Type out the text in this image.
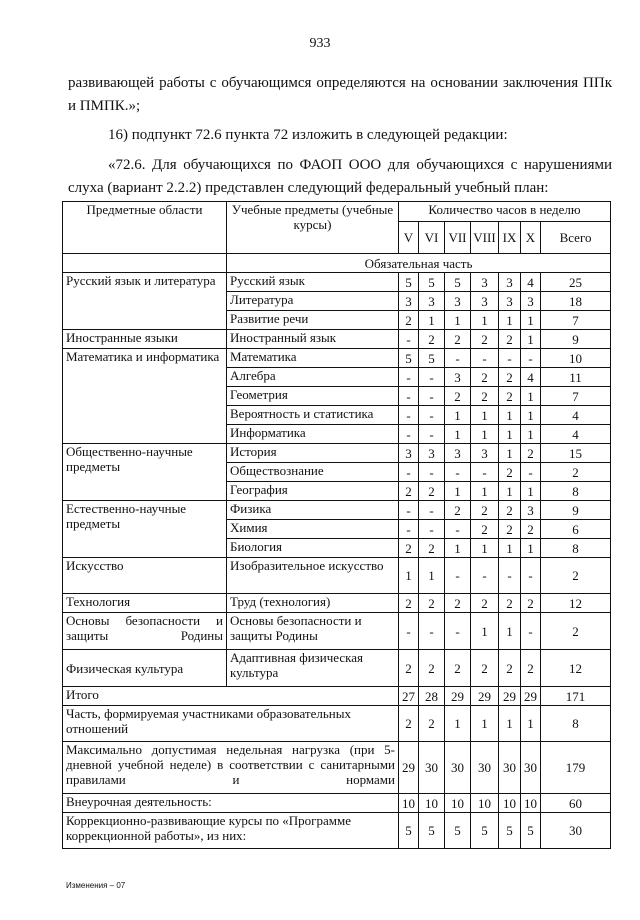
933

развивающей работы с обучающимся определяются на основании заключения ППк

и ПМПК.»;

16) подпункт 72.6 пункта 72 изложить в следующей редакции:

«72.6. Для обучающихся по ФАОП ООО для обучающихся с нарушениями

слуха (вариант 2.2.2) представлен следующий федеральный учебный план:

Предметные области	Учебные предметы (учебные курсы)	Количество часов в неделю						
		V	VI	VII	VIII	IX	X	Всего
	Обязательная часть							
Русский язык и литература	Русский язык	5	5	5	3	3	4	25
	Литература	3	3	3	3	3	3	18
	Развитие речи	2	1	1	1	1	1	7
Иностранные языки	Иностранный язык	-	2	2	2	2	1	9
Математика и информатика	Математика	5	5	-	-	-	-	10
	Алгебра	-	-	3	2	2	4	11
	Геометрия	-	-	2	2	2	1	7
	Вероятность и статистика	-	-	1	1	1	1	4
	Информатика	-	-	1	1	1	1	4
Общественно-научные предметы	История	3	3	3	3	1	2	15
	Обществознание	-	-	-	-	2	-	2
	География	2	2	1	1	1	1	8
Естественно-научные предметы	Физика	-	-	2	2	2	3	9
	Химия	-	-	-	2	2	2	6
	Биология	2	2	1	1	1	1	8
Искусство	Изобразительное искусство	1	1	-	-	-	-	2
Технология	Труд (технология)	2	2	2	2	2	2	12
Основы безопасности и защиты Родины	Основы безопасности и защиты Родины	-	-	-	1	1	-	2
Физическая культура	Адаптивная физическая культура	2	2	2	2	2	2	12
Итого		27	28	29	29	29	29	171
Часть, формируемая участниками образовательных отношений		2	2	1	1	1	1	8
Максимально допустимая недельная нагрузка (при 5-дневной учебной неделе) в соответствии с санитарными правилами и нормами		29	30	30	30	30	30	179
Внеурочная деятельность:		10	10	10	10	10	10	60
Коррекционно-развивающие курсы по «Программе коррекционной работы», из них:		5	5	5	5	5	5	30
Изменения – 07
